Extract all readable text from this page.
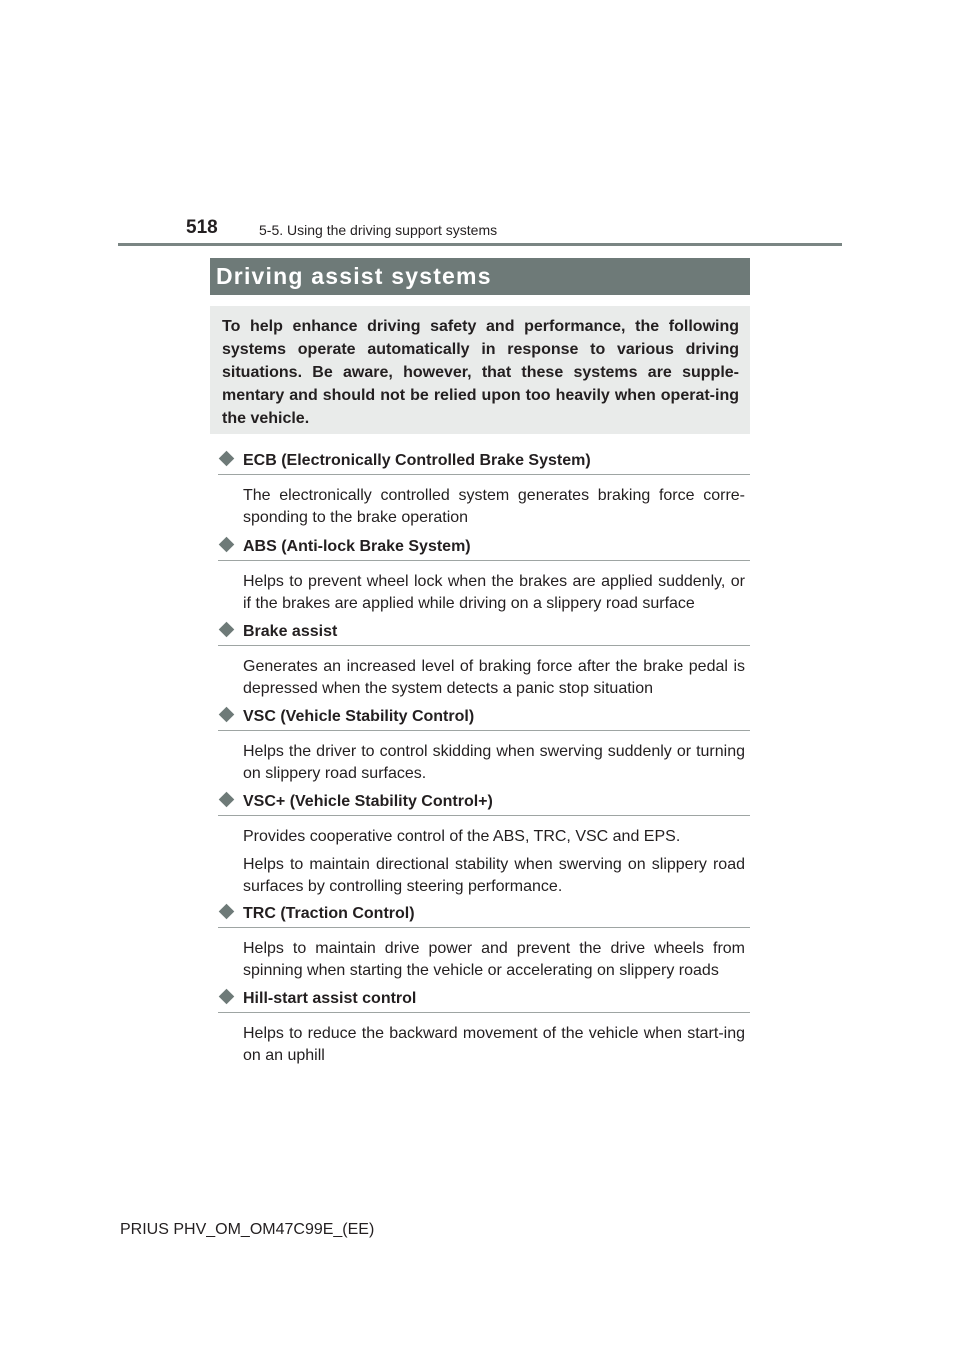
518	5-5. Using the driving support systems
Driving assist systems

To help enhance driving safety and performance, the following systems operate automatically in response to various driving situations. Be aware, however, that these systems are supple-mentary and should not be relied upon too heavily when operat-ing the vehicle.

ECB (Electronically Controlled Brake System)

The electronically controlled system generates braking force corre-sponding to the brake operation

ABS (Anti-lock Brake System)

Helps to prevent wheel lock when the brakes are applied suddenly, or if the brakes are applied while driving on a slippery road surface

Brake assist

Generates an increased level of braking force after the brake pedal is depressed when the system detects a panic stop situation

VSC (Vehicle Stability Control)

Helps the driver to control skidding when swerving suddenly or turning on slippery road surfaces.

VSC+ (Vehicle Stability Control+)

Provides cooperative control of the ABS, TRC, VSC and EPS.

Helps to maintain directional stability when swerving on slippery road surfaces by controlling steering performance.

TRC (Traction Control)

Helps to maintain drive power and prevent the drive wheels from spinning when starting the vehicle or accelerating on slippery roads

Hill-start assist control

Helps to reduce the backward movement of the vehicle when start-ing on an uphill

PRIUS PHV_OM_OM47C99E_(EE)
